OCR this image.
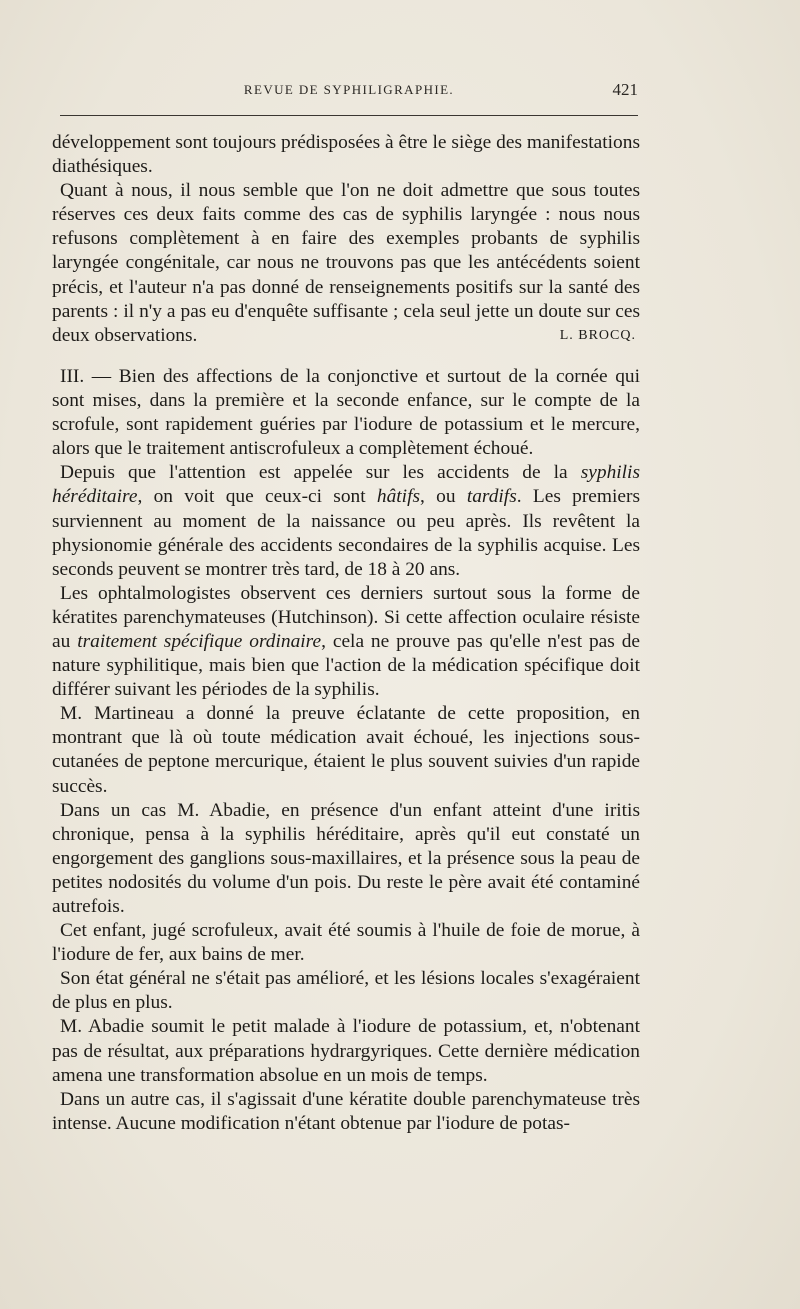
REVUE DE SYPHILIGRAPHIE.	421

développement sont toujours prédisposées à être le siège des manifestations diathésiques.

Quant à nous, il nous semble que l'on ne doit admettre que sous toutes réserves ces deux faits comme des cas de syphilis laryngée : nous nous refusons complètement à en faire des exemples probants de syphilis laryngée congénitale, car nous ne trouvons pas que les antécédents soient précis, et l'auteur n'a pas donné de renseignements positifs sur la santé des parents : il n'y a pas eu d'enquête suffisante ; cela seul jette un doute sur ces deux observations.	L. BROCQ.

III. — Bien des affections de la conjonctive et surtout de la cornée qui sont mises, dans la première et la seconde enfance, sur le compte de la scrofule, sont rapidement guéries par l'iodure de potassium et le mercure, alors que le traitement antiscrofuleux a complètement échoué.

Depuis que l'attention est appelée sur les accidents de la syphilis héréditaire, on voit que ceux-ci sont hâtifs, ou tardifs. Les premiers surviennent au moment de la naissance ou peu après. Ils revêtent la physionomie générale des accidents secondaires de la syphilis acquise. Les seconds peuvent se montrer très tard, de 18 à 20 ans.

Les ophtalmologistes observent ces derniers surtout sous la forme de kératites parenchymateuses (Hutchinson). Si cette affection oculaire résiste au traitement spécifique ordinaire, cela ne prouve pas qu'elle n'est pas de nature syphilitique, mais bien que l'action de la médication spécifique doit différer suivant les périodes de la syphilis.

M. Martineau a donné la preuve éclatante de cette proposition, en montrant que là où toute médication avait échoué, les injections sous-cutanées de peptone mercurique, étaient le plus souvent suivies d'un rapide succès.

Dans un cas M. Abadie, en présence d'un enfant atteint d'une iritis chronique, pensa à la syphilis héréditaire, après qu'il eut constaté un engorgement des ganglions sous-maxillaires, et la présence sous la peau de petites nodosités du volume d'un pois. Du reste le père avait été contaminé autrefois.

Cet enfant, jugé scrofuleux, avait été soumis à l'huile de foie de morue, à l'iodure de fer, aux bains de mer.

Son état général ne s'était pas amélioré, et les lésions locales s'exagéraient de plus en plus.

M. Abadie soumit le petit malade à l'iodure de potassium, et, n'obtenant pas de résultat, aux préparations hydrargyriques. Cette dernière médication amena une transformation absolue en un mois de temps.

Dans un autre cas, il s'agissait d'une kératite double parenchymateuse très intense. Aucune modification n'étant obtenue par l'iodure de potas-
